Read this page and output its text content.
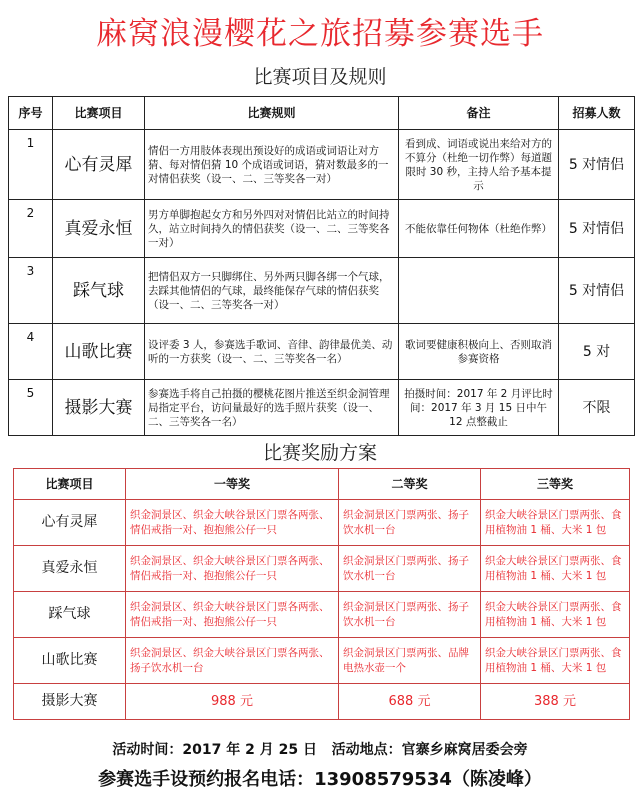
麻窝浪漫樱花之旅招募参赛选手
比赛项目及规则
序号	比赛项目	比赛规则	备注	招募人数
1	心有灵犀	情侣一方用肢体表现出预设好的成语或词语让对方猜、每对情侣猜 10 个成语或词语，猜对数最多的一对情侣获奖（设一、二、三等奖各一对）	看到成、词语或说出来给对方的不算分（杜绝一切作弊）每道题限时 30 秒，主持人给予基本提示	5 对情侣
2	真爱永恒	男方单脚抱起女方和另外四对对情侣比站立的时间持久，站立时间持久的情侣获奖（设一、二、三等奖各一对）	不能依靠任何物体（杜绝作弊）	5 对情侣
3	踩气球	把情侣双方一只脚绑住、另外两只脚各绑一个气球，去踩其他情侣的气球，最终能保存气球的情侣获奖（设一、二、三等奖各一对）		5 对情侣
4	山歌比赛	设评委 3 人，参赛选手歌词、音律、韵律最优美、动听的一方获奖（设一、二、三等奖各一名）	歌词要健康积极向上、否则取消参赛资格	5 对
5	摄影大赛	参赛选手将自己拍摄的樱桃花图片推送至织金洞管理局指定平台，访问量最好的选手照片获奖（设一、二、三等奖各一名）	拍摄时间：2017 年 2 月评比时间：2017 年 3 月 15 日中午 12 点整截止	不限
比赛奖励方案
比赛项目	一等奖	二等奖	三等奖
心有灵犀	织金洞景区、织金大峡谷景区门票各两张、情侣戒指一对、抱抱熊公仔一只	织金洞景区门票两张、扬子饮水机一台	织金大峡谷景区门票两张、食用植物油 1 桶、大米 1 包
真爱永恒	织金洞景区、织金大峡谷景区门票各两张、情侣戒指一对、抱抱熊公仔一只	织金洞景区门票两张、扬子饮水机一台	织金大峡谷景区门票两张、食用植物油 1 桶、大米 1 包
踩气球	织金洞景区、织金大峡谷景区门票各两张、情侣戒指一对、抱抱熊公仔一只	织金洞景区门票两张、扬子饮水机一台	织金大峡谷景区门票两张、食用植物油 1 桶、大米 1 包
山歌比赛	织金洞景区、织金大峡谷景区门票各两张、扬子饮水机一台	织金洞景区门票两张、品牌电热水壶一个	织金大峡谷景区门票两张、食用植物油 1 桶、大米 1 包
摄影大赛	988 元	688 元	388 元
活动时间：2017 年 2 月 25 日   活动地点：官寨乡麻窝居委会旁
参赛选手设预约报名电话：13908579534（陈凌峰）
